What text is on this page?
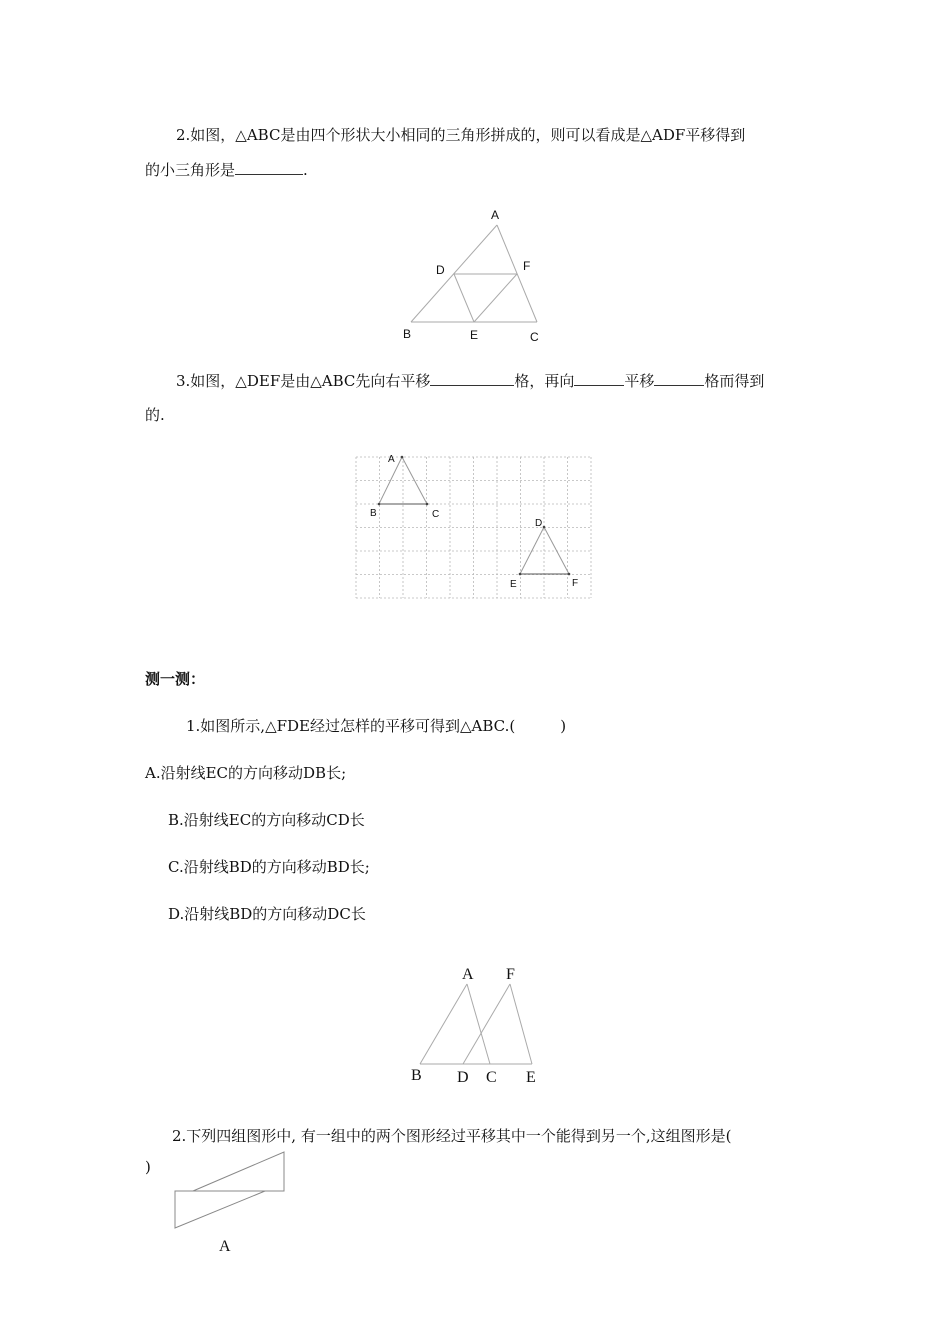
2.如图，△ABC是由四个形状大小相同的三角形拼成的，则可以看成是△ADF平移得到
的小三角形是	.
A
D	F
B	E	C
3.如图，△DEF是由△ABC先向右平移	格，再向	平移	格而得到
的.
A
B	C
D
E	F
测一测：
1.如图所示,△FDE经过怎样的平移可得到△ABC.(　　　)
A.沿射线EC的方向移动DB长;
B.沿射线EC的方向移动CD长
C.沿射线BD的方向移动BD长;
D.沿射线BD的方向移动DC长
A F
B D C E
2.下列四组图形中, 有一组中的两个图形经过平移其中一个能得到另一个,这组图形是(
)
A
